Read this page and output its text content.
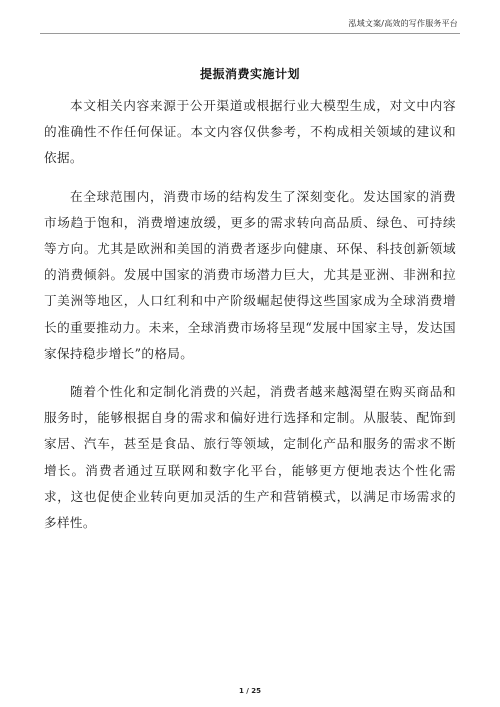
泓域文案/高效的写作服务平台
提振消费实施计划

本文相关内容来源于公开渠道或根据行业大模型生成，对文中内容的准确性不作任何保证。本文内容仅供参考，不构成相关领域的建议和依据。

在全球范围内，消费市场的结构发生了深刻变化。发达国家的消费市场趋于饱和，消费增速放缓，更多的需求转向高品质、绿色、可持续等方向。尤其是欧洲和美国的消费者逐步向健康、环保、科技创新领域的消费倾斜。发展中国家的消费市场潜力巨大，尤其是亚洲、非洲和拉丁美洲等地区，人口红利和中产阶级崛起使得这些国家成为全球消费增长的重要推动力。未来，全球消费市场将呈现“发展中国家主导，发达国家保持稳步增长”的格局。

随着个性化和定制化消费的兴起，消费者越来越渴望在购买商品和服务时，能够根据自身的需求和偏好进行选择和定制。从服装、配饰到家居、汽车，甚至是食品、旅行等领域，定制化产品和服务的需求不断增长。消费者通过互联网和数字化平台，能够更方便地表达个性化需求，这也促使企业转向更加灵活的生产和营销模式，以满足市场需求的多样性。

1 / 25
